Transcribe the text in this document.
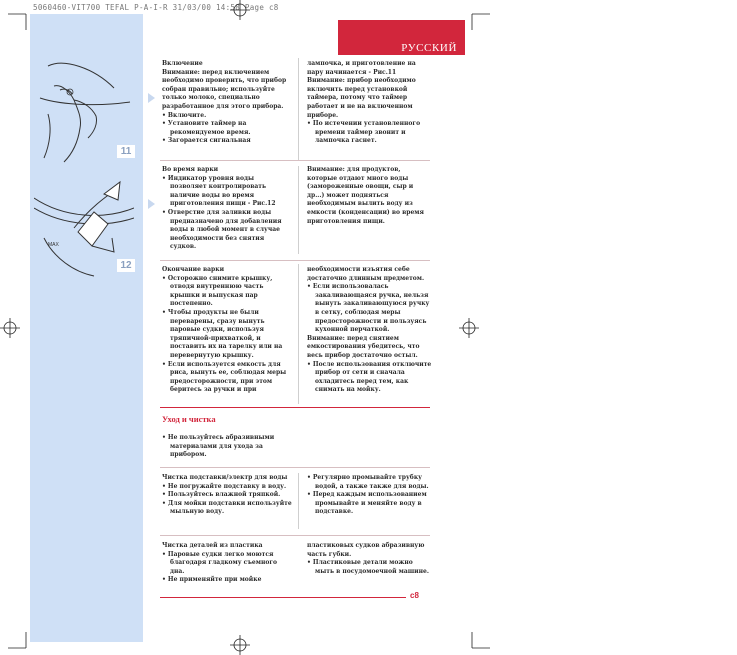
5060460-VIT700 TEFAL P-A-I-R 31/03/00 14:58 Page c8
11
MAX
12
РУССКИЙ

Включение

Внимание: перед включением необходимо проверить, что прибор собран правильно; используйте только молоко, специально разработанное для этого прибора.

• Включите.

• Установите таймер на рекомендуемое время.

• Загорается сигнальная

лампочка, и приготовление на пару начинается - Рис.11

Внимание: прибор необходимо включить перед установкой таймера, потому что таймер работает и не на включенном приборе.

• По истечении установленного времени таймер звонит и лампочка гаснет.

Во время варки

• Индикатор уровня воды позволяет контролировать наличие воды во время приготовления пищи - Рис.12

• Отверстие для заливки воды предназначено для добавления воды в любой момент в случае необходимости без снятия судков.

Внимание: для продуктов, которые отдают много воды (замороженные овощи, сыр и др...) может подняться необходимым вылить воду из емкости (конденсации) во время приготовления пищи.

Окончание варки

• Осторожно снимите крышку, отводя внутреннюю часть крышки и выпуская пар постепенно.

• Чтобы продукты не были переварены, сразу вынуть паровые судки, используя тряпичной-прихваткой, и поставить их на тарелку или на перевернутую крышку.

• Если используется емкость для риса, вынуть ее, соблюдая меры предосторожности, при этом беритесь за ручки и при

необходимости изъятия себе достаточно длинным предметом.

• Если использовалась закаливающаяся ручка, нельзя вынуть закаливающуюся ручку в сетку, соблюдая меры предосторожности и пользуясь кухонной перчаткой.

Внимание: перед снятием емкостирования убедитесь, что весь прибор достаточно остыл.

• После использования отключите прибор от сети и сначала охладитесь перед тем, как снимать на мойку.

Уход и чистка

• Не пользуйтесь абразивными материалами для ухода за прибором.

Чистка подставки/электр для воды

• Не погружайте подставку в воду.

• Пользуйтесь влажной тряпкой.

• Для мойки подставки используйте мыльную воду.

• Регулярно промывайте трубку водой, а также также для воды.

• Перед каждым использованием промывайте и меняйте воду в подставке.

Чистка деталей из пластика

• Паровые судки легко моются благодаря гладкому съемного дна.

• Не применяйте при мойке

пластиковых судков абразивную часть губки.

• Пластиковые детали можно мыть в посудомоечной машине.

c8
